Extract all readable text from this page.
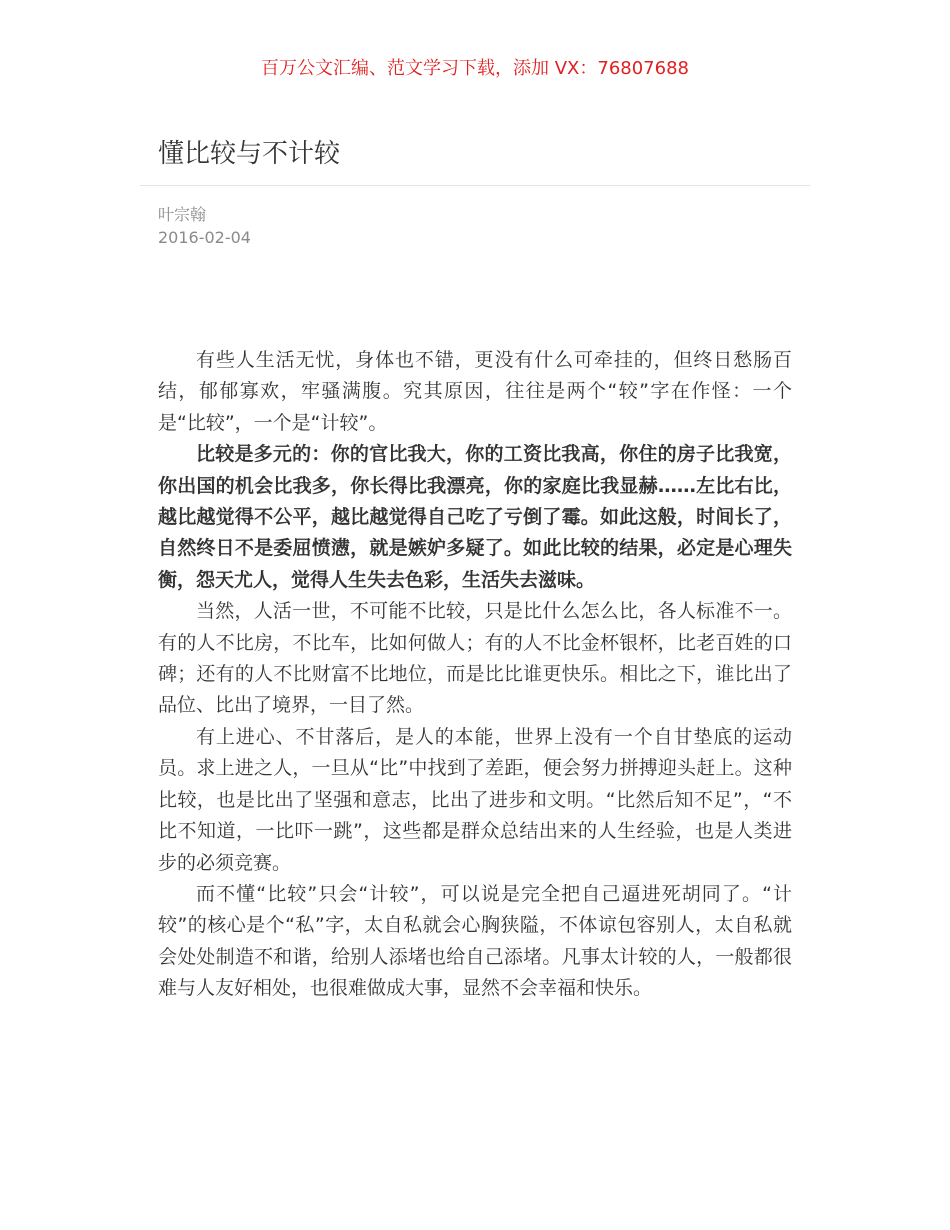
百万公文汇编、范文学习下载，添加 VX：76807688
懂比较与不计较
叶宗翰
2016-02-04

有些人生活无忧，身体也不错，更没有什么可牵挂的，但终日愁肠百结，郁郁寡欢，牢骚满腹。究其原因，往往是两个“较”字在作怪：一个是“比较”，一个是“计较”。

比较是多元的：你的官比我大，你的工资比我高，你住的房子比我宽，你出国的机会比我多，你长得比我漂亮，你的家庭比我显赫……左比右比，越比越觉得不公平，越比越觉得自己吃了亏倒了霉。如此这般，时间长了，自然终日不是委屈愤懑，就是嫉妒多疑了。如此比较的结果，必定是心理失衡，怨天尤人，觉得人生失去色彩，生活失去滋味。

当然，人活一世，不可能不比较，只是比什么怎么比，各人标准不一。有的人不比房，不比车，比如何做人；有的人不比金杯银杯，比老百姓的口碑；还有的人不比财富不比地位，而是比比谁更快乐。相比之下，谁比出了品位、比出了境界，一目了然。

有上进心、不甘落后，是人的本能，世界上没有一个自甘垫底的运动员。求上进之人，一旦从“比”中找到了差距，便会努力拼搏迎头赶上。这种比较，也是比出了坚强和意志，比出了进步和文明。“比然后知不足”，“不比不知道，一比吓一跳”，这些都是群众总结出来的人生经验，也是人类进步的必须竞赛。

而不懂“比较”只会“计较”，可以说是完全把自己逼进死胡同了。“计较”的核心是个“私”字，太自私就会心胸狭隘，不体谅包容别人，太自私就会处处制造不和谐，给别人添堵也给自己添堵。凡事太计较的人，一般都很难与人友好相处，也很难做成大事，显然不会幸福和快乐。
